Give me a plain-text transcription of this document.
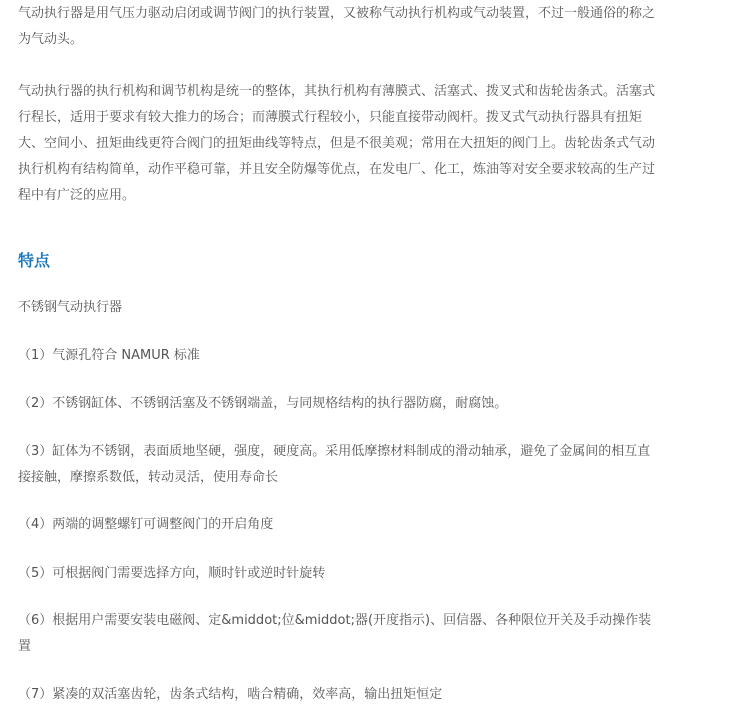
气动执行器是用气压力驱动启闭或调节阀门的执行装置，又被称气动执行机构或气动装置，不过一般通俗的称之为气动头。

气动执行器的执行机构和调节机构是统一的整体，其执行机构有薄膜式、活塞式、拨叉式和齿轮齿条式。活塞式行程长，适用于要求有较大推力的场合；而薄膜式行程较小，只能直接带动阀杆。拨叉式气动执行器具有扭矩大、空间小、扭矩曲线更符合阀门的扭矩曲线等特点，但是不很美观；常用在大扭矩的阀门上。齿轮齿条式气动执行机构有结构简单，动作平稳可靠，并且安全防爆等优点，在发电厂、化工，炼油等对安全要求较高的生产过程中有广泛的应用。

特点

不锈钢气动执行器

（1）气源孔符合 NAMUR 标准

（2）不锈钢缸体、不锈钢活塞及不锈钢端盖，与同规格结构的执行器防腐，耐腐蚀。

（3）缸体为不锈钢，表面质地坚硬，强度，硬度高。采用低摩擦材料制成的滑动轴承，避免了金属间的相互直接接触，摩擦系数低，转动灵活，使用寿命长

（4）两端的调整螺钉可调整阀门的开启角度

（5）可根据阀门需要选择方向，顺时针或逆时针旋转

（6）根据用户需要安装电磁阀、定&middot;位&middot;器(开度指示)、回信器、各种限位开关及手动操作装置

（7）紧凑的双活塞齿轮，齿条式结构，啮合精确，效率高，输出扭矩恒定
